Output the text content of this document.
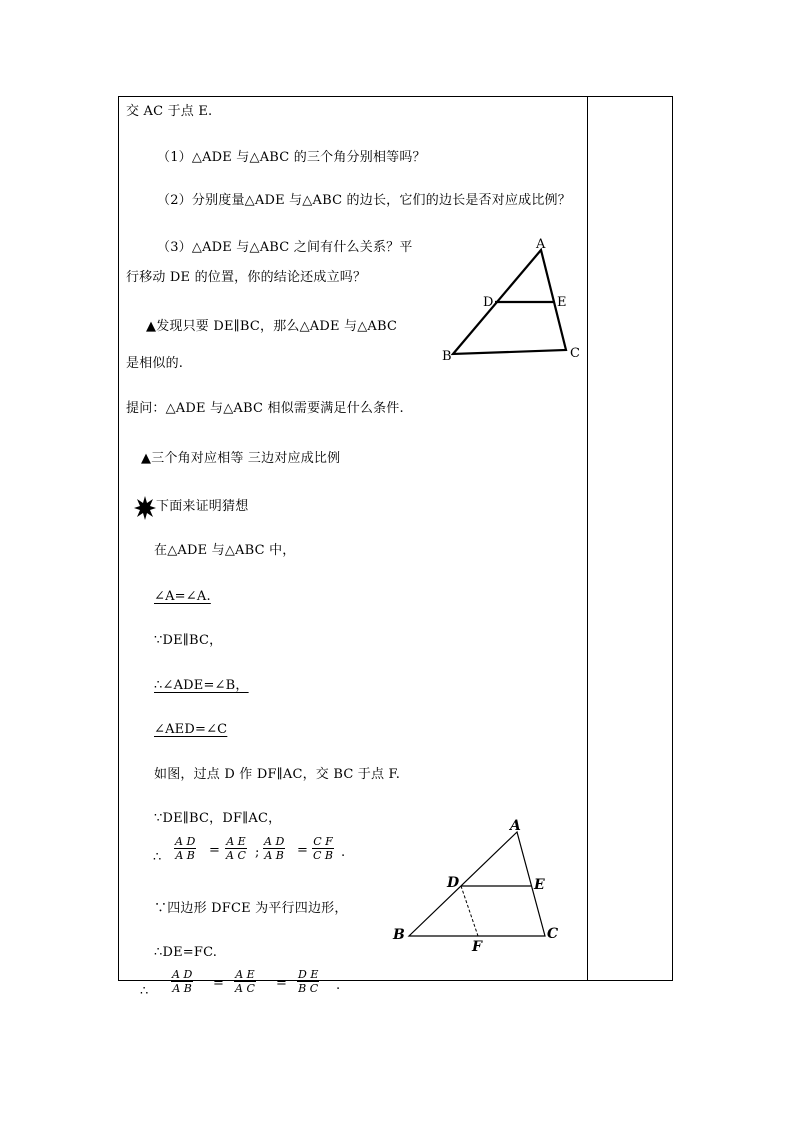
交 AC 于点 E.
（1）△ADE 与△ABC 的三个角分别相等吗？
（2）分别度量△ADE 与△ABC 的边长，它们的边长是否对应成比例？
（3）△ADE 与△ABC 之间有什么关系？平
行移动 DE 的位置，你的结论还成立吗？
▲发现只要 DE∥BC，那么△ADE 与△ABC
是相似的.
提问：△ADE 与△ABC 相似需要满足什么条件.
▲三个角对应相等 三边对应成比例
下面来证明猜想
在△ADE 与△ABC 中，
∠A=∠A.
∵DE∥BC，
∴∠ADE=∠B，
∠AED=∠C
如图，过点 D 作 DF∥AC，交 BC 于点 F.
∵DE∥BC，DF∥AC，
∴ $\frac{\text{A D}}{\text{A B}} = \frac{\text{A E}}{\text{A C}}$ ; $\frac{\text{A D}}{\text{A B}} = \frac{\text{C F}}{\text{C B}}$ .
∵四边形 DFCE 为平行四边形，
∴DE=FC.
∴ $\frac{\text{A D}}{\text{A B}} = \frac{\text{A E}}{\text{A C}} = \frac{\text{D E}}{\text{B C}}$ .
A
D	E
B	C
A
D	E
B	C
F
